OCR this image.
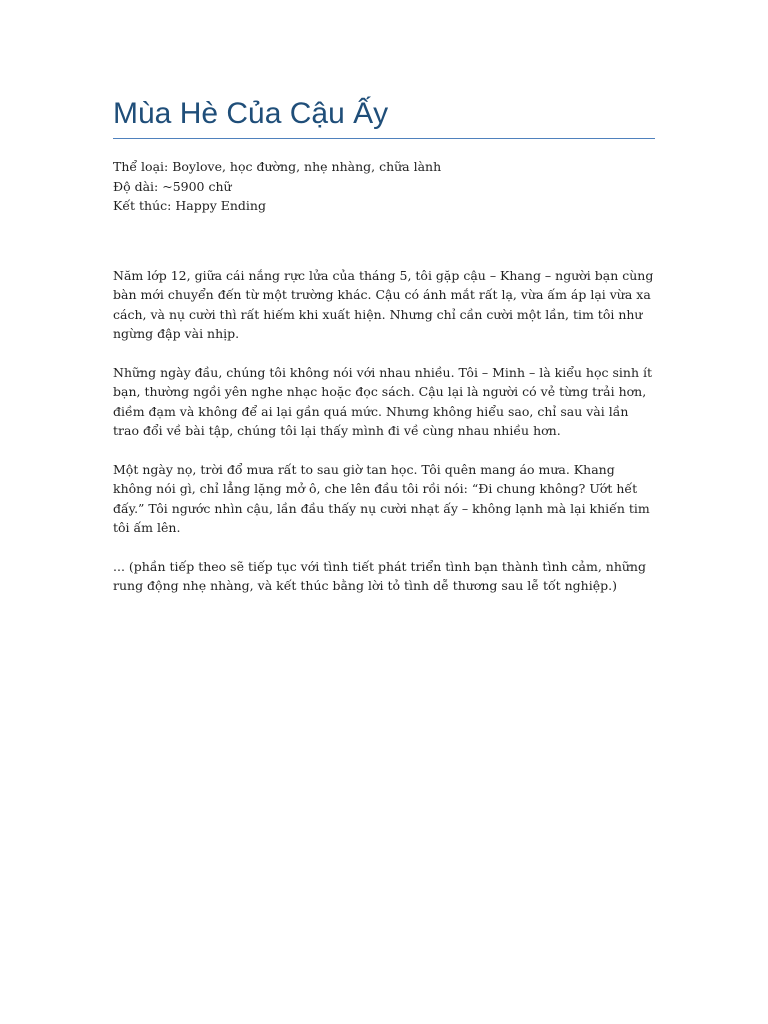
Mùa Hè Của Cậu Ấy
Thể loại: Boylove, học đường, nhẹ nhàng, chữa lành
Độ dài: ~5900 chữ
Kết thúc: Happy Ending

Năm lớp 12, giữa cái nắng rực lửa của tháng 5, tôi gặp cậu – Khang – người bạn cùng bàn mới chuyển đến từ một trường khác. Cậu có ánh mắt rất lạ, vừa ấm áp lại vừa xa cách, và nụ cười thì rất hiếm khi xuất hiện. Nhưng chỉ cần cười một lần, tim tôi như ngừng đập vài nhịp.

Những ngày đầu, chúng tôi không nói với nhau nhiều. Tôi – Minh – là kiểu học sinh ít bạn, thường ngồi yên nghe nhạc hoặc đọc sách. Cậu lại là người có vẻ từng trải hơn, điềm đạm và không để ai lại gần quá mức. Nhưng không hiểu sao, chỉ sau vài lần trao đổi về bài tập, chúng tôi lại thấy mình đi về cùng nhau nhiều hơn.

Một ngày nọ, trời đổ mưa rất to sau giờ tan học. Tôi quên mang áo mưa. Khang không nói gì, chỉ lẳng lặng mở ô, che lên đầu tôi rồi nói: “Đi chung không? Ướt hết đấy.” Tôi ngước nhìn cậu, lần đầu thấy nụ cười nhạt ấy – không lạnh mà lại khiến tim tôi ấm lên.

... (phần tiếp theo sẽ tiếp tục với tình tiết phát triển tình bạn thành tình cảm, những rung động nhẹ nhàng, và kết thúc bằng lời tỏ tình dễ thương sau lễ tốt nghiệp.)
